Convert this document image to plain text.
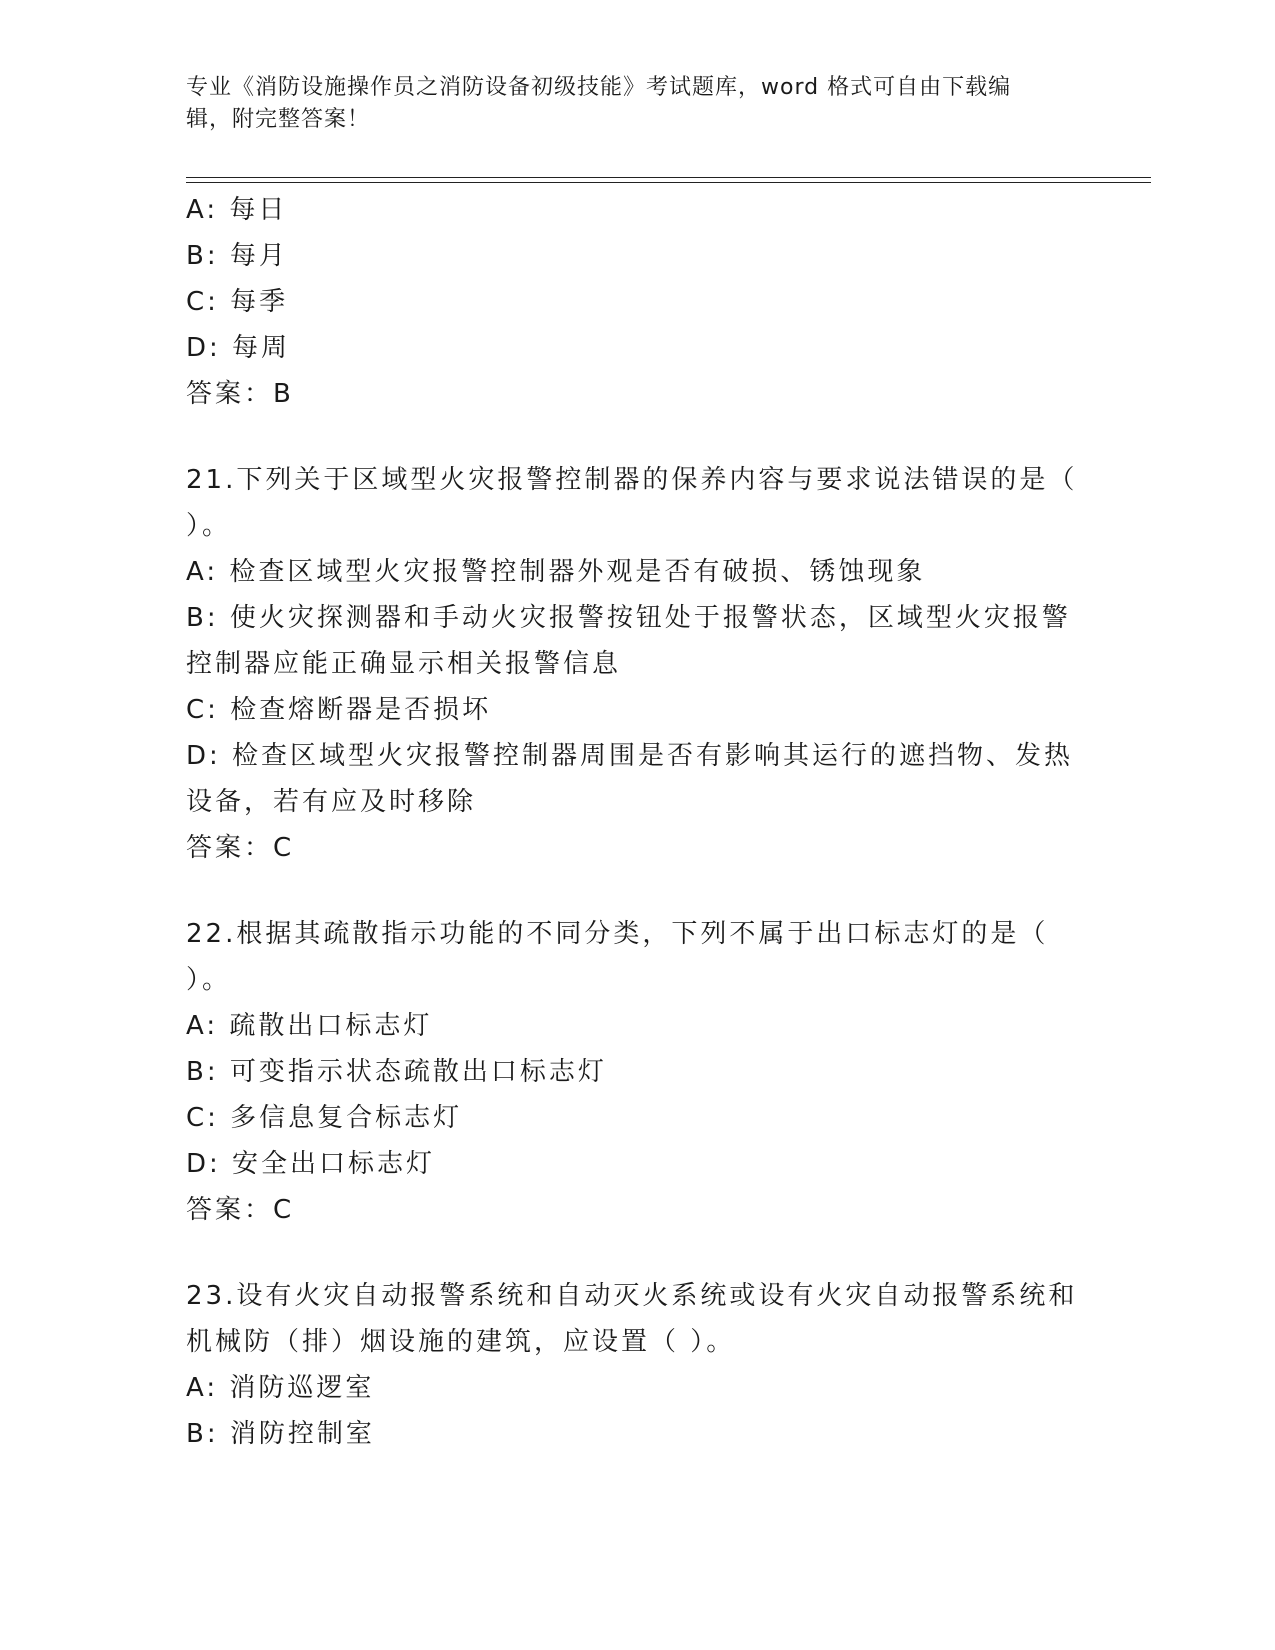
专业《消防设施操作员之消防设备初级技能》考试题库，word 格式可自由下载编
辑，附完整答案！
A: 每日
B: 每月
C: 每季
D: 每周
答案：B
21.下列关于区域型火灾报警控制器的保养内容与要求说法错误的是（
）。
A: 检查区域型火灾报警控制器外观是否有破损、锈蚀现象
B: 使火灾探测器和手动火灾报警按钮处于报警状态，区域型火灾报警
控制器应能正确显示相关报警信息
C: 检查熔断器是否损坏
D: 检查区域型火灾报警控制器周围是否有影响其运行的遮挡物、发热
设备，若有应及时移除
答案：C
22.根据其疏散指示功能的不同分类，下列不属于出口标志灯的是（
）。
A: 疏散出口标志灯
B: 可变指示状态疏散出口标志灯
C: 多信息复合标志灯
D: 安全出口标志灯
答案：C
23.设有火灾自动报警系统和自动灭火系统或设有火灾自动报警系统和
机械防（排）烟设施的建筑，应设置（ ）。
A: 消防巡逻室
B: 消防控制室
